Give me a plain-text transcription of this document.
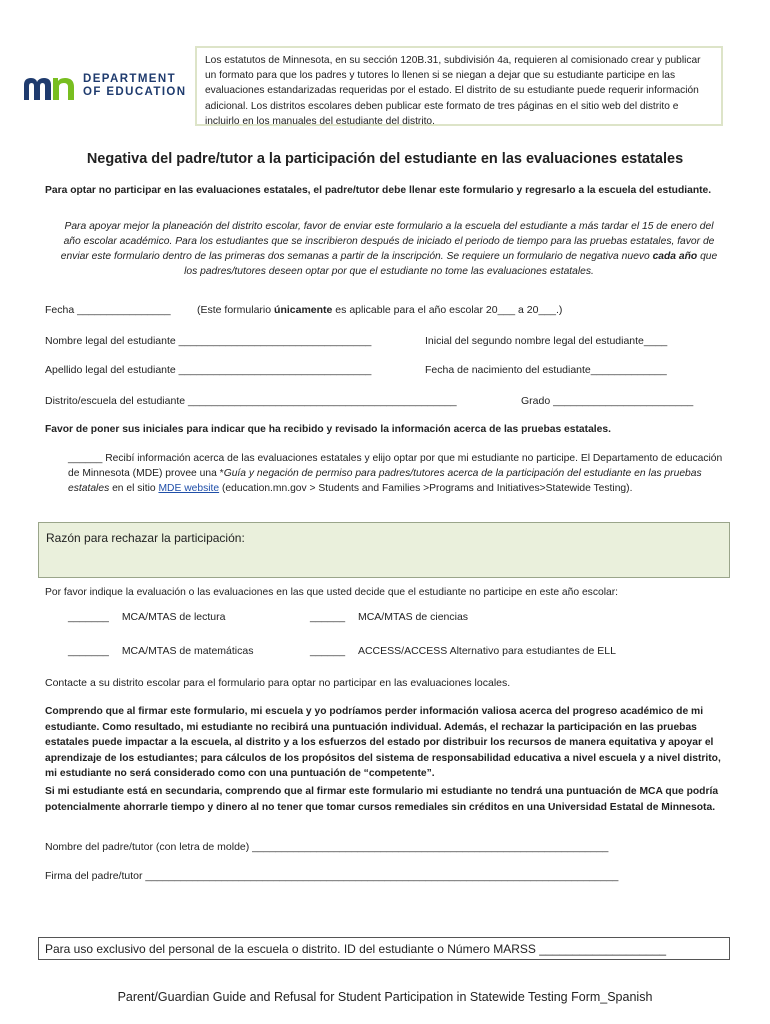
DEPARTMENT
OF EDUCATION
Los estatutos de Minnesota, en su sección 120B.31, subdivisión 4a, requieren al comisionado crear y publicar un formato para que los padres y tutores lo llenen si se niegan a dejar que su estudiante participe en las evaluaciones estandarizadas requeridas por el estado. El distrito de su estudiante puede requerir información adicional. Los distritos escolares deben publicar este formato de tres páginas en el sitio web del distrito e incluirlo en los manuales del estudiante del distrito.
Negativa del padre/tutor a la participación del estudiante en las evaluaciones estatales
Para optar no participar en las evaluaciones estatales, el padre/tutor debe llenar este formulario y regresarlo a la escuela del estudiante.
Para apoyar mejor la planeación del distrito escolar, favor de enviar este formulario a la escuela del estudiante a más tardar el 15 de enero del año escolar académico. Para los estudiantes que se inscribieron después de iniciado el periodo de tiempo para las pruebas estatales, favor de enviar este formulario dentro de las primeras dos semanas a partir de la inscripción. Se requiere un formulario de negativa nuevo cada año que los padres/tutores deseen optar por que el estudiante no tome las evaluaciones estatales.
Fecha ________________	(Este formulario únicamente es aplicable para el año escolar 20___ a 20___.)
Nombre legal del estudiante _________________________________	Inicial del segundo nombre legal del estudiante____
Apellido legal del estudiante _________________________________	Fecha de nacimiento del estudiante_____________
Distrito/escuela del estudiante ______________________________________________	Grado ________________________
Favor de poner sus iniciales para indicar que ha recibido y revisado la información acerca de las pruebas estatales.
______ Recibí información acerca de las evaluaciones estatales y elijo optar por que mi estudiante no participe. El Departamento de educación de Minnesota (MDE) provee una *Guía y negación de permiso para padres/tutores acerca de la participación del estudiante en las pruebas estatales en el sitio MDE website (education.mn.gov > Students and Families >Programs and Initiatives>Statewide Testing).
Razón para rechazar la participación:
Por favor indique la evaluación o las evaluaciones en las que usted decide que el estudiante no participe en este año escolar:
_______ MCA/MTAS de lectura	______ MCA/MTAS de ciencias
_______ MCA/MTAS de matemáticas	______ ACCESS/ACCESS Alternativo para estudiantes de ELL
Contacte a su distrito escolar para el formulario para optar no participar en las evaluaciones locales.
Comprendo que al firmar este formulario, mi escuela y yo podríamos perder información valiosa acerca del progreso académico de mi estudiante. Como resultado, mi estudiante no recibirá una puntuación individual. Además, el rechazar la participación en las pruebas estatales puede impactar a la escuela, al distrito y a los esfuerzos del estado por distribuir los recursos de manera equitativa y apoyar el aprendizaje de los estudiantes; para cálculos de los propósitos del sistema de responsabilidad educativa a nivel escuela y a nivel distrito, mi estudiante no será considerado como con una puntuación de “competente”.
Si mi estudiante está en secundaria, comprendo que al firmar este formulario mi estudiante no tendrá una puntuación de MCA que podría potencialmente ahorrarle tiempo y dinero al no tener que tomar cursos remediales sin créditos en una Universidad Estatal de Minnesota.
Nombre del padre/tutor (con letra de molde) _____________________________________________________________
Firma del padre/tutor _________________________________________________________________________________
Para uso exclusivo del personal de la escuela o distrito. ID del estudiante o Número MARSS ___________________
Parent/Guardian Guide and Refusal for Student Participation in Statewide Testing Form_Spanish
